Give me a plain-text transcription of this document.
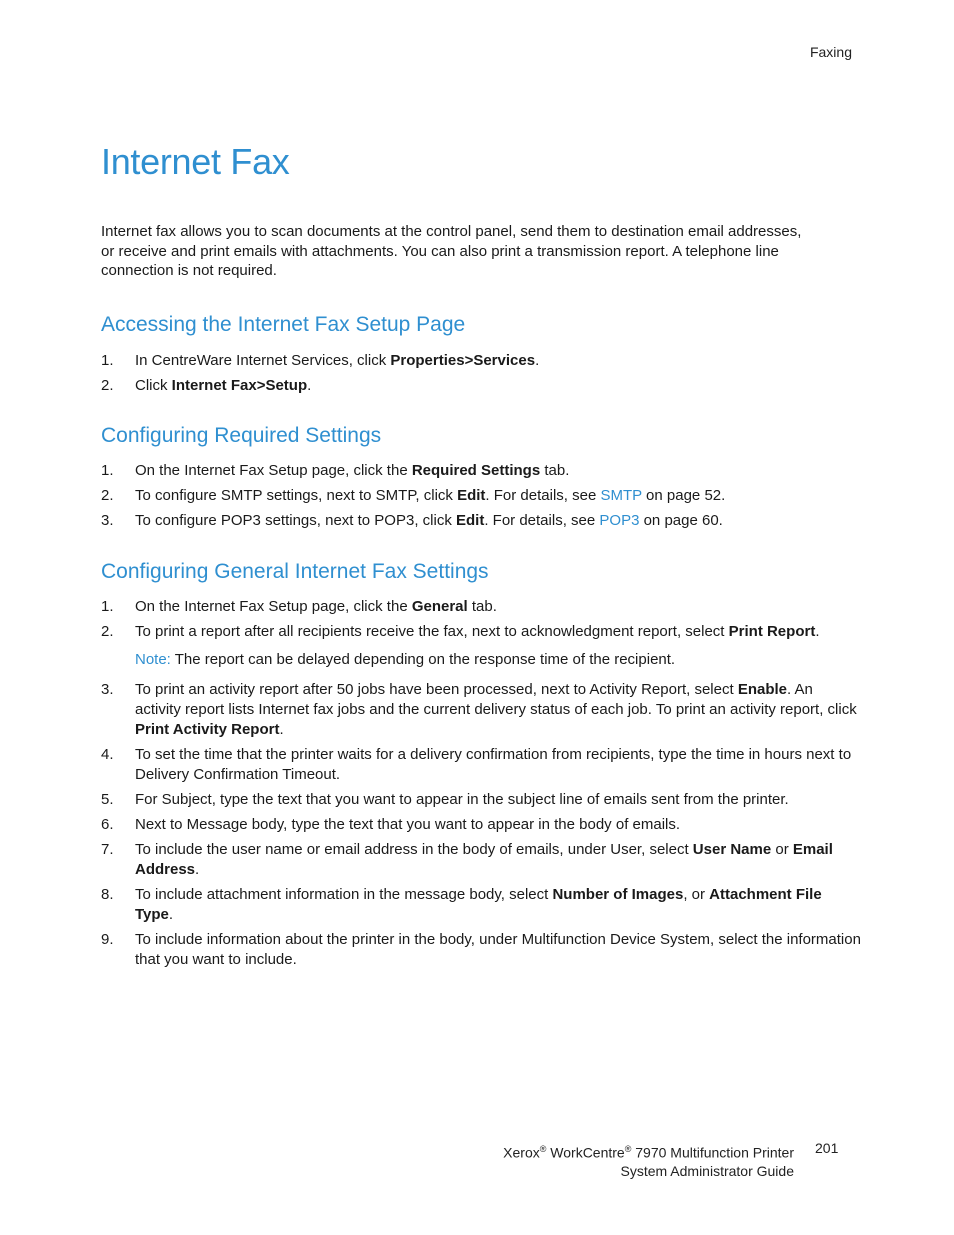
Faxing
Internet Fax

Internet fax allows you to scan documents at the control panel, send them to destination email addresses, or receive and print emails with attachments. You can also print a transmission report. A telephone line connection is not required.

Accessing the Internet Fax Setup Page
1. In CentreWare Internet Services, click Properties>Services.
2. Click Internet Fax>Setup.
Configuring Required Settings
1. On the Internet Fax Setup page, click the Required Settings tab.
2. To configure SMTP settings, next to SMTP, click Edit. For details, see SMTP on page 52.
3. To configure POP3 settings, next to POP3, click Edit. For details, see POP3 on page 60.
Configuring General Internet Fax Settings
1. On the Internet Fax Setup page, click the General tab.
2. To print a report after all recipients receive the fax, next to acknowledgment report, select Print Report.
Note: The report can be delayed depending on the response time of the recipient.
3. To print an activity report after 50 jobs have been processed, next to Activity Report, select Enable. An activity report lists Internet fax jobs and the current delivery status of each job. To print an activity report, click Print Activity Report.
4. To set the time that the printer waits for a delivery confirmation from recipients, type the time in hours next to Delivery Confirmation Timeout.
5. For Subject, type the text that you want to appear in the subject line of emails sent from the printer.
6. Next to Message body, type the text that you want to appear in the body of emails.
7. To include the user name or email address in the body of emails, under User, select User Name or Email Address.
8. To include attachment information in the message body, select Number of Images, or Attachment File Type.
9. To include information about the printer in the body, under Multifunction Device System, select the information that you want to include.
Xerox® WorkCentre® 7970 Multifunction Printer
System Administrator Guide
201
